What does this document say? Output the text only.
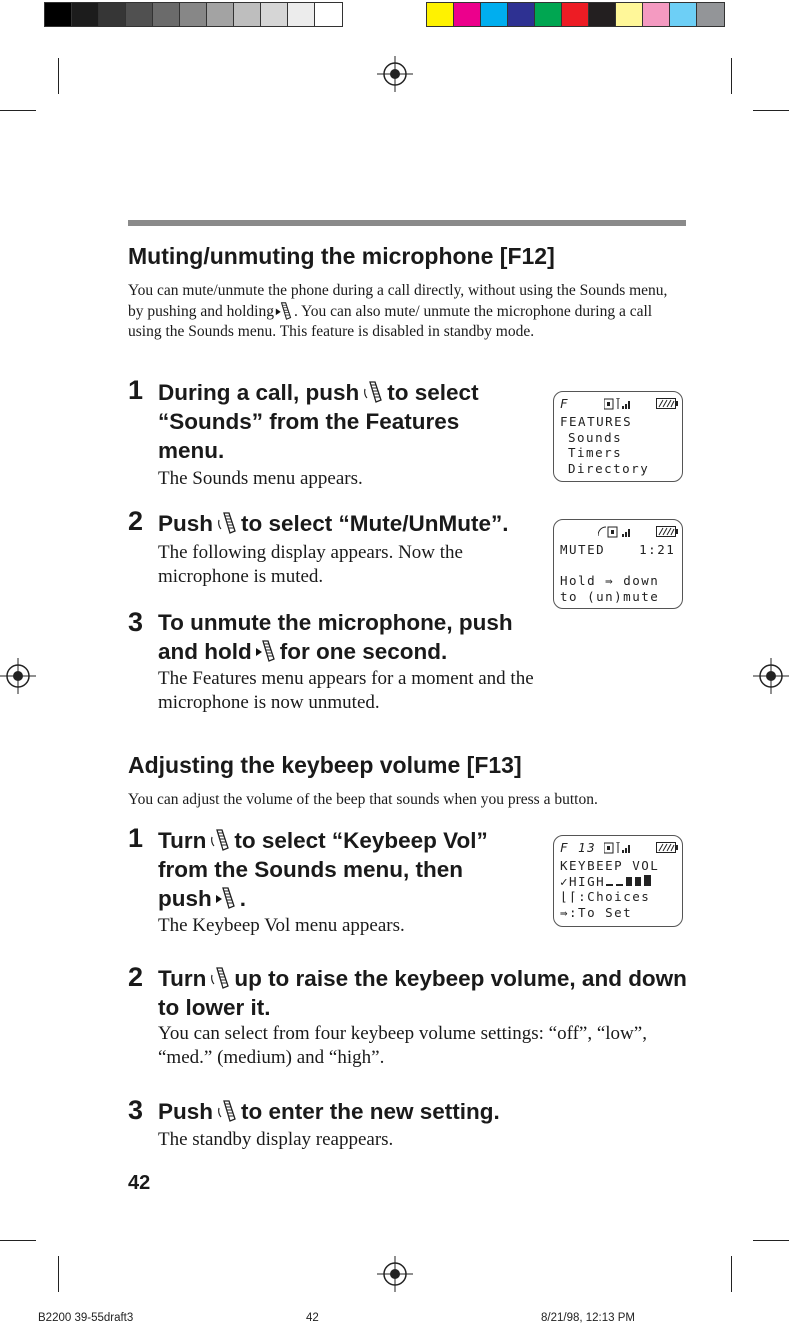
Muting/unmuting the microphone [F12]
You can mute/unmute the phone during a call directly, without using the Sounds menu, by pushing and holding . You can also mute/ unmute the microphone during a call using the Sounds menu. This feature is disabled in standby mode.
1 During a call, push to select “Sounds” from the Features menu.
The Sounds menu appears.
2 Push to select “Mute/UnMute”.
The following display appears. Now the microphone is muted.
3 To unmute the microphone, push and hold for one second.
The Features menu appears for a moment and the microphone is now unmuted.
F
FEATURES
Sounds
Timers
Directory
MUTED	1:21
Hold ⇛ down
to (un)mute
Adjusting the keybeep volume [F13]
You can adjust the volume of the beep that sounds when you press a button.
1 Turn to select “Keybeep Vol” from the Sounds menu, then push .
The Keybeep Vol menu appears.
2 Turn up to raise the keybeep volume, and down to lower it.
You can select from four keybeep volume settings: “off”, “low”, “med.” (medium) and “high”.
3 Push to enter the new setting.
The standby display reappears.
F 13
KEYBEEP VOL
✓HIGH
⌊⌈:Choices
⇛:To Set
42
B2200 39-55draft3	42	8/21/98, 12:13 PM
